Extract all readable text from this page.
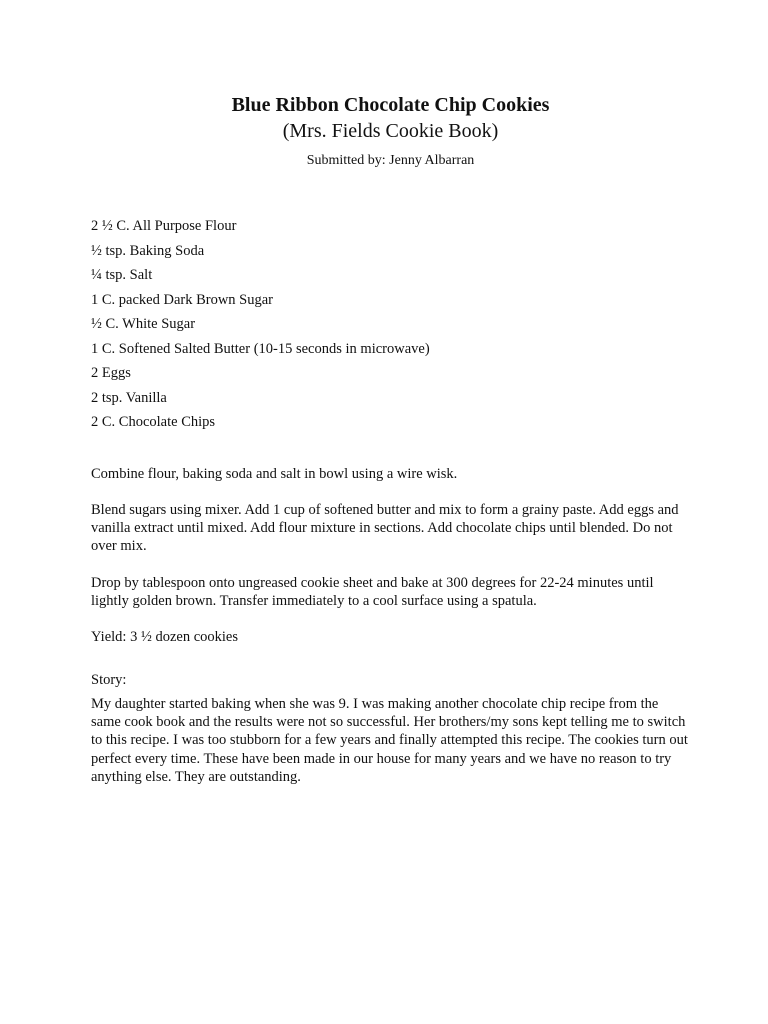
Blue Ribbon Chocolate Chip Cookies
(Mrs. Fields Cookie Book)
Submitted by: Jenny Albarran
2 ½ C. All Purpose Flour
½ tsp. Baking Soda
¼ tsp. Salt
1 C. packed Dark Brown Sugar
½ C. White Sugar
1 C. Softened Salted Butter (10-15 seconds in microwave)
2 Eggs
2 tsp. Vanilla
2 C. Chocolate Chips

Combine flour, baking soda and salt in bowl using a wire wisk.

Blend sugars using mixer. Add 1 cup of softened butter and mix to form a grainy paste. Add eggs and vanilla extract until mixed. Add flour mixture in sections. Add chocolate chips until blended. Do not over mix.

Drop by tablespoon onto ungreased cookie sheet and bake at 300 degrees for 22-24 minutes until lightly golden brown. Transfer immediately to a cool surface using a spatula.

Yield: 3 ½ dozen cookies

Story:

My daughter started baking when she was 9. I was making another chocolate chip recipe from the same cook book and the results were not so successful. Her brothers/my sons kept telling me to switch to this recipe. I was too stubborn for a few years and finally attempted this recipe. The cookies turn out perfect every time. These have been made in our house for many years and we have no reason to try anything else. They are outstanding.
